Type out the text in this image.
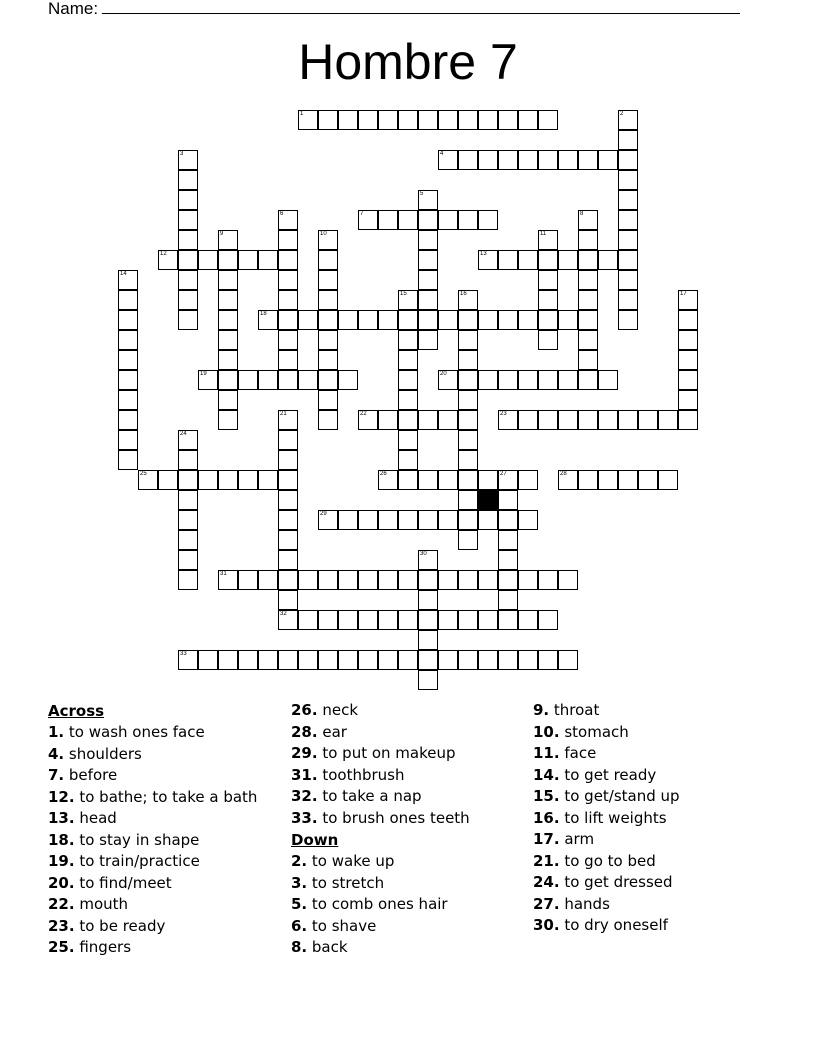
Name:
Hombre 7
1	2
3	4
5
6	7	8
9	10	11
12	13
14
15	16	17
18
19	20
21	22	23
24
25	26	27	28
29
30
31
32
33
Across
1. to wash ones face
4. shoulders
7. before
12. to bathe; to take a bath
13. head
18. to stay in shape
19. to train/practice
20. to find/meet
22. mouth
23. to be ready
25. fingers
26. neck
28. ear
29. to put on makeup
31. toothbrush
32. to take a nap
33. to brush ones teeth
Down
2. to wake up
3. to stretch
5. to comb ones hair
6. to shave
8. back
9. throat
10. stomach
11. face
14. to get ready
15. to get/stand up
16. to lift weights
17. arm
21. to go to bed
24. to get dressed
27. hands
30. to dry oneself
